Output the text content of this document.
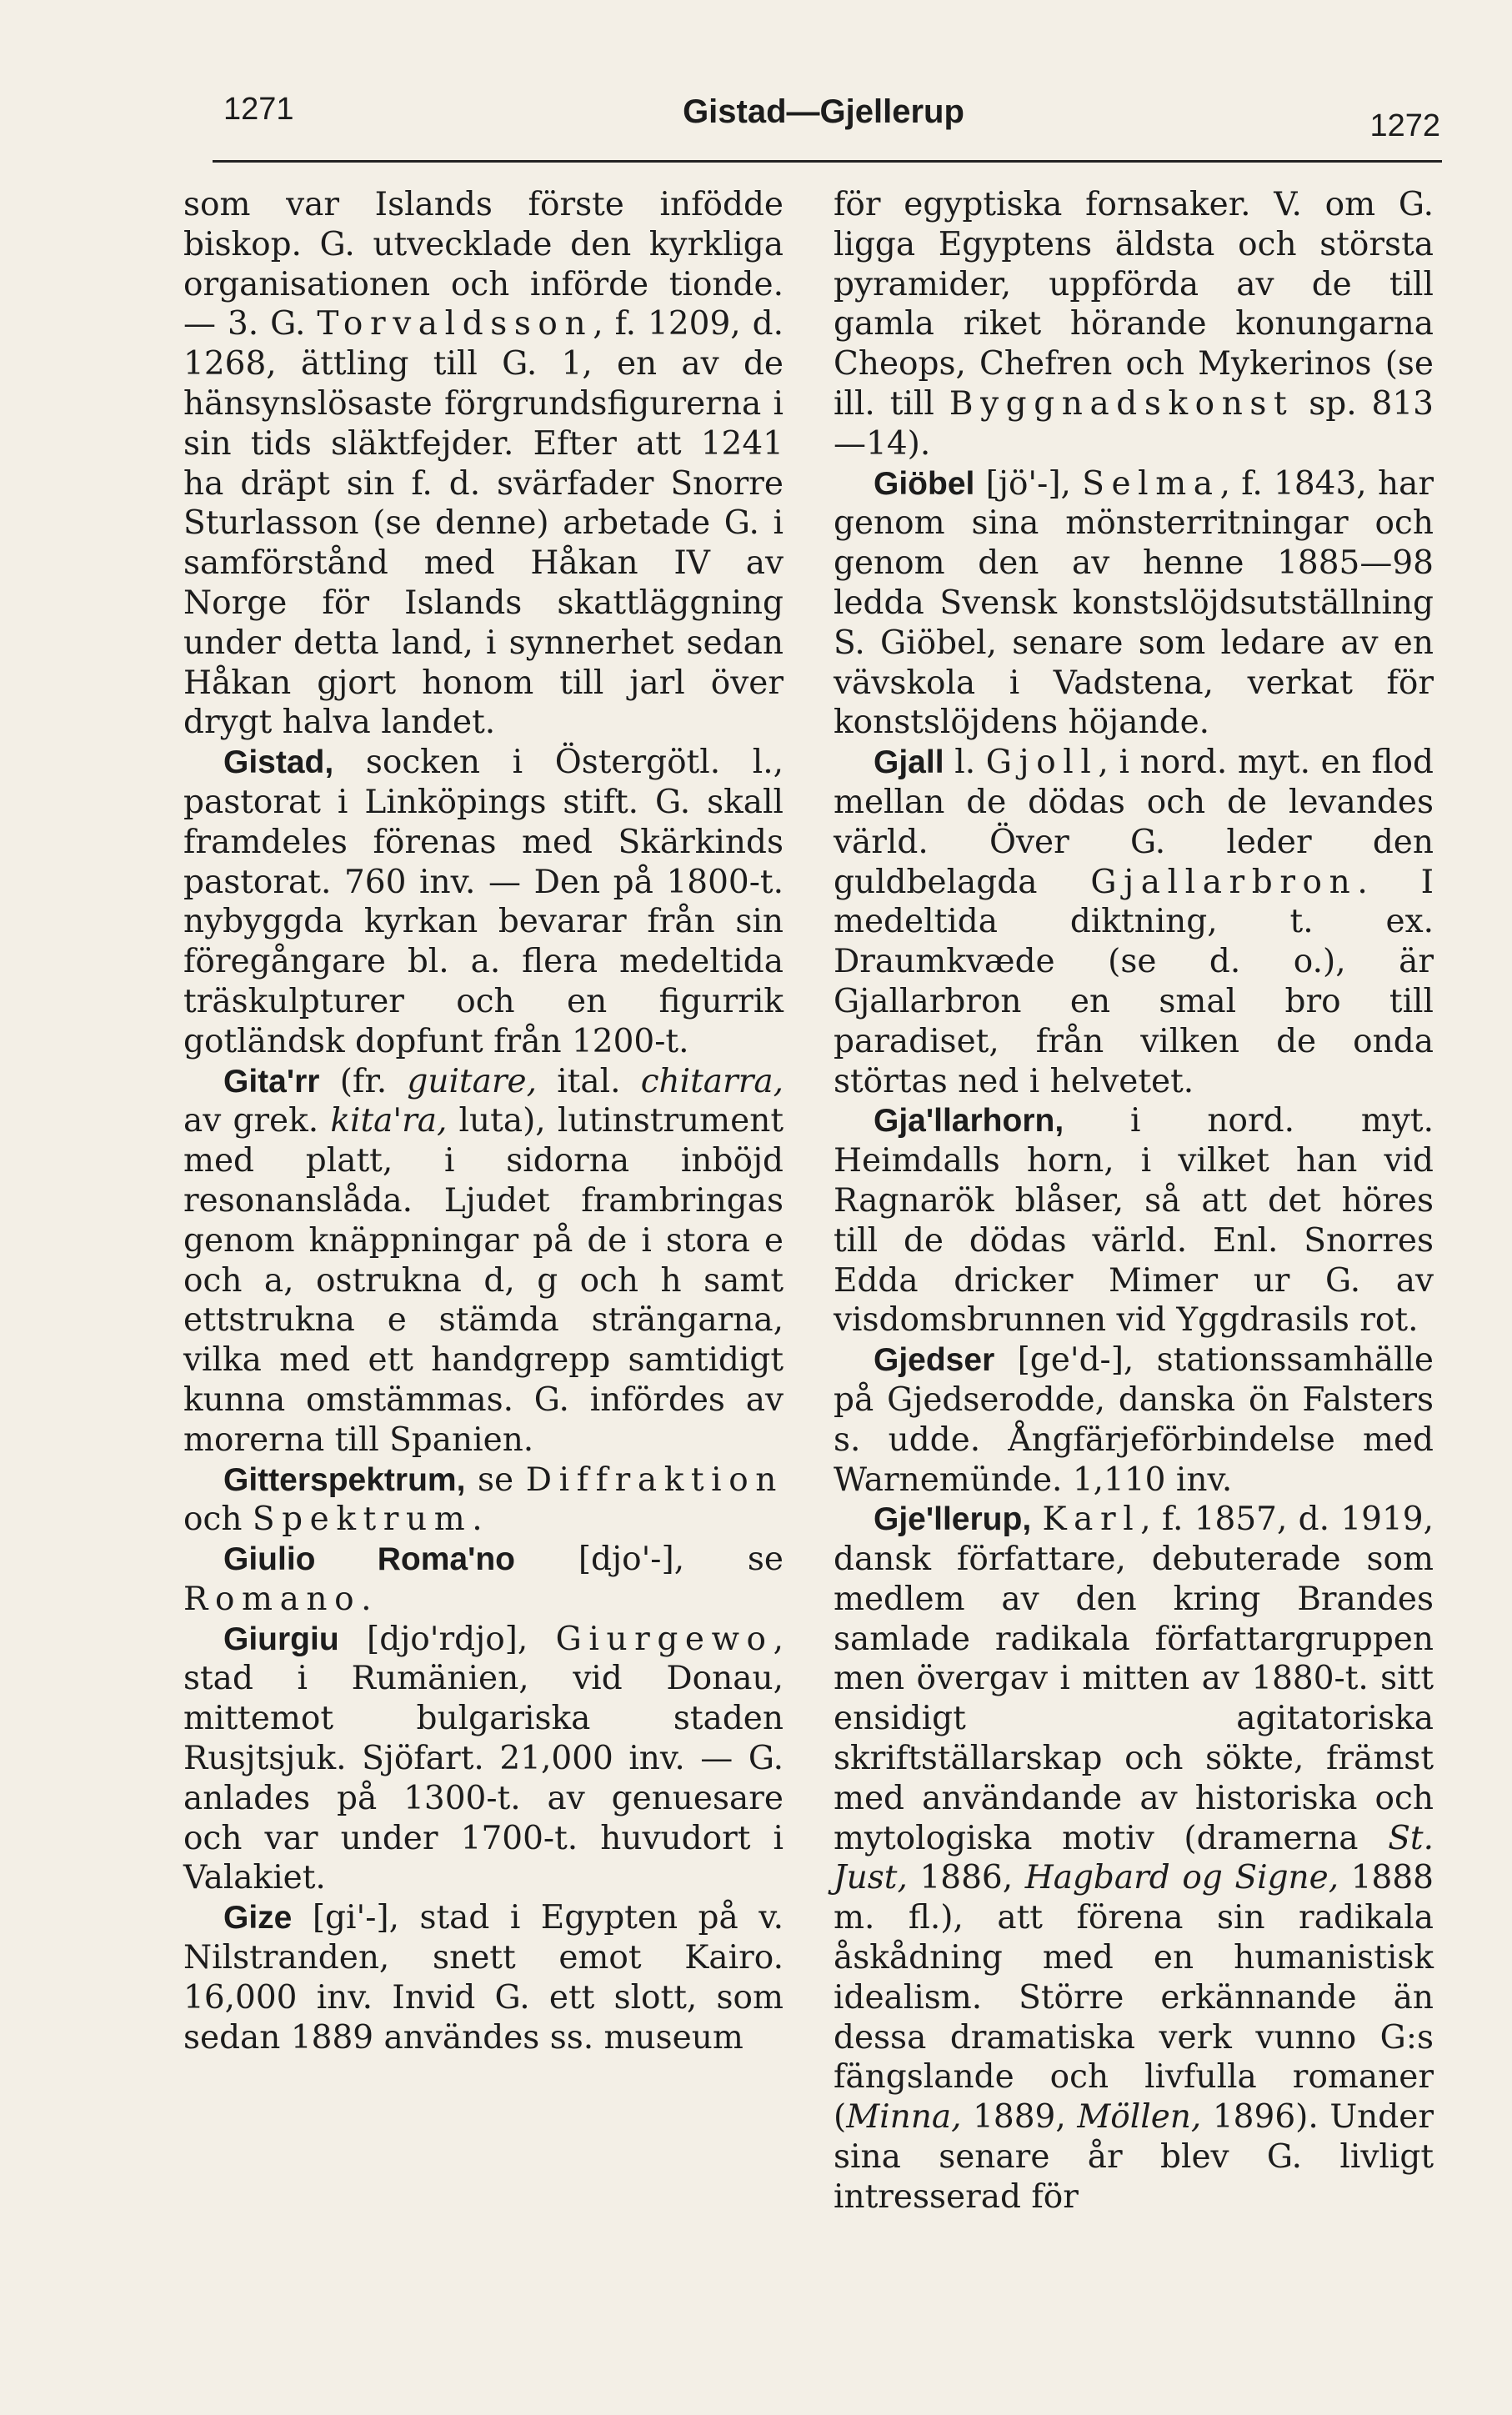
1271	Gistad—Gjellerup	1272

som var Islands förste infödde biskop. G. utvecklade den kyrkliga organisationen och införde tionde. — 3. G. Torvaldsson, f. 1209, d. 1268, ättling till G. 1, en av de hänsynslösaste förgrundsfigurerna i sin tids släktfejder. Efter att 1241 ha dräpt sin f. d. svärfader Snorre Sturlasson (se denne) arbetade G. i samförstånd med Håkan IV av Norge för Islands skattläggning under detta land, i synnerhet sedan Håkan gjort honom till jarl över drygt halva landet.

Gistad, socken i Östergötl. l., pastorat i Linköpings stift. G. skall framdeles förenas med Skärkinds pastorat. 760 inv. — Den på 1800-t. nybyggda kyrkan bevarar från sin föregångare bl. a. flera medeltida träskulpturer och en figurrik gotländsk dopfunt från 1200-t.

Gita'rr (fr. guitare, ital. chitarra, av grek. kita'ra, luta), lutinstrument med platt, i sidorna inböjd resonanslåda. Ljudet frambringas genom knäppningar på de i stora e och a, ostrukna d, g och h samt ettstrukna e stämda strängarna, vilka med ett handgrepp samtidigt kunna omstämmas. G. infördes av morerna till Spanien.

Gitterspektrum, se Diffraktion och Spektrum.

Giulio Roma'no [djo'-], se Romano.

Giurgiu [djo'rdjo], Giurgewo, stad i Rumänien, vid Donau, mittemot bulgariska staden Rusjtsjuk. Sjöfart. 21,000 inv. — G. anlades på 1300-t. av genuesare och var under 1700-t. huvudort i Valakiet.

Gize [gi'-], stad i Egypten på v. Nilstranden, snett emot Kairo. 16,000 inv. Invid G. ett slott, som sedan 1889 användes ss. museum

för egyptiska fornsaker. V. om G. ligga Egyptens äldsta och största pyramider, uppförda av de till gamla riket hörande konungarna Cheops, Chefren och Mykerinos (se ill. till Byggnadskonst sp. 813—14).

Giöbel [jö'-], Selma, f. 1843, har genom sina mönsterritningar och genom den av henne 1885—98 ledda Svensk konstslöjdsutställning S. Giöbel, senare som ledare av en vävskola i Vadstena, verkat för konstslöjdens höjande.

Gjall l. Gjoll, i nord. myt. en flod mellan de dödas och de levandes värld. Över G. leder den guldbelagda Gjallarbron. I medeltida diktning, t. ex. Draumkvæde (se d. o.), är Gjallarbron en smal bro till paradiset, från vilken de onda störtas ned i helvetet.

Gja'llarhorn, i nord. myt. Heimdalls horn, i vilket han vid Ragnarök blåser, så att det höres till de dödas värld. Enl. Snorres Edda dricker Mimer ur G. av visdomsbrunnen vid Yggdrasils rot.

Gjedser [ge'd-], stationssamhälle på Gjedserodde, danska ön Falsters s. udde. Ångfärjeförbindelse med Warnemünde. 1,110 inv.

Gje'llerup, Karl, f. 1857, d. 1919, dansk författare, debuterade som medlem av den kring Brandes samlade radikala författargruppen men övergav i mitten av 1880-t. sitt ensidigt agitatoriska skriftställarskap och sökte, främst med användande av historiska och mytologiska motiv (dramerna St. Just, 1886, Hagbard og Signe, 1888 m. fl.), att förena sin radikala åskådning med en humanistisk idealism. Större erkännande än dessa dramatiska verk vunno G:s fängslande och livfulla romaner (Minna, 1889, Möllen, 1896). Under sina senare år blev G. livligt intresserad för
